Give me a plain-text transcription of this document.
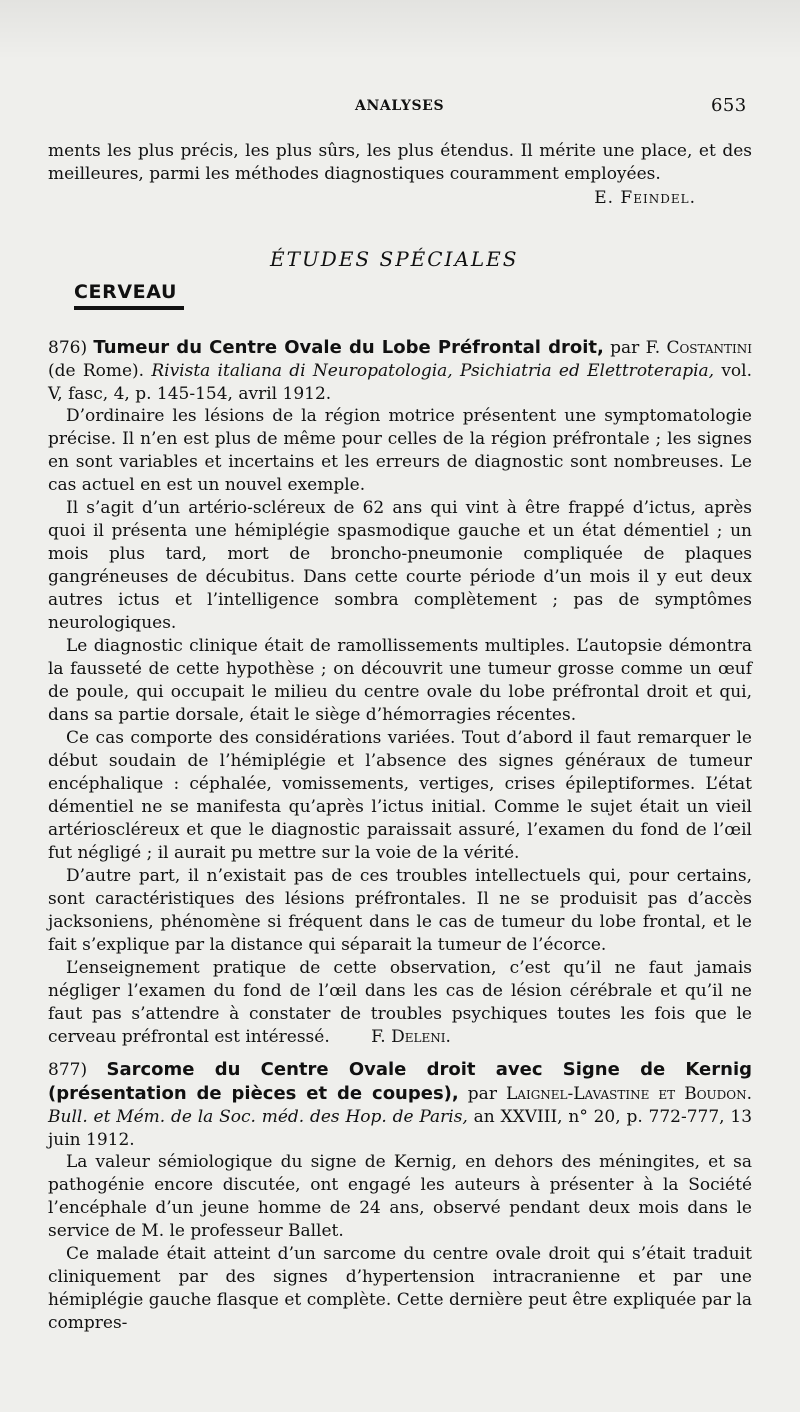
ANALYSES	653

ments les plus précis, les plus sûrs, les plus étendus. Il mérite une place, et des meilleures, parmi les méthodes diagnostiques couramment employées.

E. Feindel.
ÉTUDES SPÉCIALES
CERVEAU
876) Tumeur du Centre Ovale du Lobe Préfrontal droit, par F. Costantini (de Rome). Rivista italiana di Neuropatologia, Psichiatria ed Elettroterapia, vol. V, fasc, 4, p. 145-154, avril 1912.

D’ordinaire les lésions de la région motrice présentent une symptomatologie précise. Il n’en est plus de même pour celles de la région préfrontale ; les signes en sont variables et incertains et les erreurs de diagnostic sont nombreuses. Le cas actuel en est un nouvel exemple.

Il s’agit d’un artério-scléreux de 62 ans qui vint à être frappé d’ictus, après quoi il présenta une hémiplégie spasmodique gauche et un état démentiel ; un mois plus tard, mort de broncho-pneumonie compliquée de plaques gangréneuses de décubitus. Dans cette courte période d’un mois il y eut deux autres ictus et l’intelligence sombra complètement ; pas de symptômes neurologiques.

Le diagnostic clinique était de ramollissements multiples. L’autopsie démontra la fausseté de cette hypothèse ; on découvrit une tumeur grosse comme un œuf de poule, qui occupait le milieu du centre ovale du lobe préfrontal droit et qui, dans sa partie dorsale, était le siège d’hémorragies récentes.

Ce cas comporte des considérations variées. Tout d’abord il faut remarquer le début soudain de l’hémiplégie et l’absence des signes généraux de tumeur encéphalique : céphalée, vomissements, vertiges, crises épileptiformes. L’état démentiel ne se manifesta qu’après l’ictus initial. Comme le sujet était un vieil artérioscléreux et que le diagnostic paraissait assuré, l’examen du fond de l’œil fut négligé ; il aurait pu mettre sur la voie de la vérité.

D’autre part, il n’existait pas de ces troubles intellectuels qui, pour certains, sont caractéristiques des lésions préfrontales. Il ne se produisit pas d’accès jacksoniens, phénomène si fréquent dans le cas de tumeur du lobe frontal, et le fait s’explique par la distance qui séparait la tumeur de l’écorce.

L’enseignement pratique de cette observation, c’est qu’il ne faut jamais négliger l’examen du fond de l’œil dans les cas de lésion cérébrale et qu’il ne faut pas s’attendre à constater de troubles psychiques toutes les fois que le cerveau préfrontal est intéressé. F. Deleni.

877) Sarcome du Centre Ovale droit avec Signe de Kernig (présentation de pièces et de coupes), par Laignel-Lavastine et Boudon. Bull. et Mém. de la Soc. méd. des Hop. de Paris, an XXVIII, n° 20, p. 772-777, 13 juin 1912.

La valeur sémiologique du signe de Kernig, en dehors des méningites, et sa pathogénie encore discutée, ont engagé les auteurs à présenter à la Société l’encéphale d’un jeune homme de 24 ans, observé pendant deux mois dans le service de M. le professeur Ballet.

Ce malade était atteint d’un sarcome du centre ovale droit qui s’était traduit cliniquement par des signes d’hypertension intracranienne et par une hémiplégie gauche flasque et complète. Cette dernière peut être expliquée par la compres-
